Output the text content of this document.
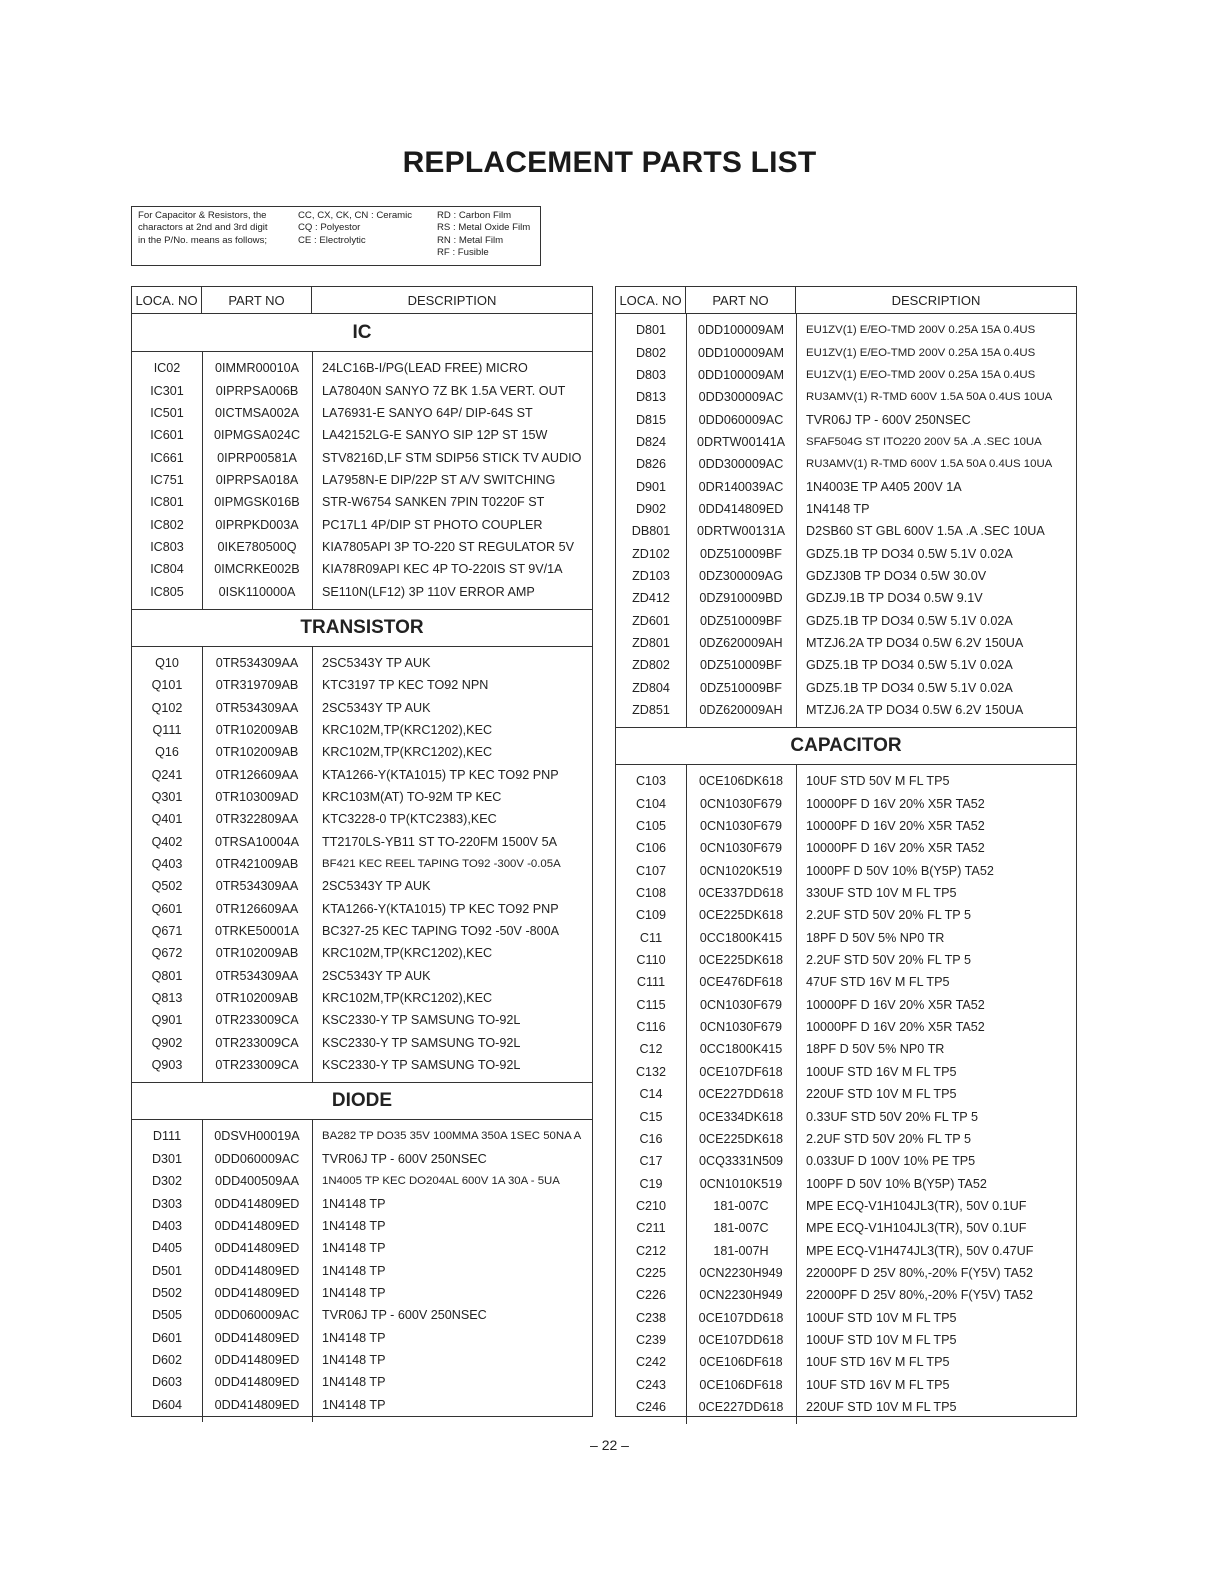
REPLACEMENT PARTS LIST
For Capacitor & Resistors, the
charactors at 2nd and 3rd digit
in the P/No. means as follows;
CC, CX, CK, CN : Ceramic
CQ : Polyestor
CE : Electrolytic
RD : Carbon Film
RS : Metal Oxide Film
RN : Metal Film
RF : Fusible
LOCA. NO	PART NO	DESCRIPTION
IC
IC02	0IMMR00010A	24LC16B-I/PG(LEAD FREE) MICRO
IC301	0IPRPSA006B	LA78040N SANYO 7Z BK 1.5A VERT. OUT
IC501	0ICTMSA002A	LA76931-E SANYO 64P/ DIP-64S ST
IC601	0IPMGSA024C	LA42152LG-E SANYO SIP 12P ST 15W
IC661	0IPRP00581A	STV8216D,LF STM SDIP56 STICK TV AUDIO
IC751	0IPRPSA018A	LA7958N-E DIP/22P ST A/V SWITCHING
IC801	0IPMGSK016B	STR-W6754 SANKEN 7PIN T0220F ST
IC802	0IPRPKD003A	PC17L1 4P/DIP ST PHOTO COUPLER
IC803	0IKE780500Q	KIA7805API 3P TO-220 ST REGULATOR 5V
IC804	0IMCRKE002B	KIA78R09API KEC 4P TO-220IS ST 9V/1A
IC805	0ISK110000A	SE110N(LF12) 3P 110V ERROR AMP
TRANSISTOR
Q10	0TR534309AA	2SC5343Y TP AUK
Q101	0TR319709AB	KTC3197 TP KEC TO92 NPN
Q102	0TR534309AA	2SC5343Y TP AUK
Q111	0TR102009AB	KRC102M,TP(KRC1202),KEC
Q16	0TR102009AB	KRC102M,TP(KRC1202),KEC
Q241	0TR126609AA	KTA1266-Y(KTA1015) TP KEC TO92 PNP
Q301	0TR103009AD	KRC103M(AT) TO-92M TP KEC
Q401	0TR322809AA	KTC3228-0 TP(KTC2383),KEC
Q402	0TRSA10004A	TT2170LS-YB11 ST TO-220FM 1500V 5A
Q403	0TR421009AB	BF421 KEC REEL TAPING TO92 -300V -0.05A
Q502	0TR534309AA	2SC5343Y TP AUK
Q601	0TR126609AA	KTA1266-Y(KTA1015) TP KEC TO92 PNP
Q671	0TRKE50001A	BC327-25 KEC TAPING TO92 -50V -800A
Q672	0TR102009AB	KRC102M,TP(KRC1202),KEC
Q801	0TR534309AA	2SC5343Y TP AUK
Q813	0TR102009AB	KRC102M,TP(KRC1202),KEC
Q901	0TR233009CA	KSC2330-Y TP SAMSUNG TO-92L
Q902	0TR233009CA	KSC2330-Y TP SAMSUNG TO-92L
Q903	0TR233009CA	KSC2330-Y TP SAMSUNG TO-92L
DIODE
D111	0DSVH00019A	BA282 TP DO35 35V 100MMA 350A 1SEC 50NA A
D301	0DD060009AC	TVR06J TP - 600V 250NSEC
D302	0DD400509AA	1N4005 TP KEC DO204AL 600V 1A 30A - 5UA
D303	0DD414809ED	1N4148 TP
D403	0DD414809ED	1N4148 TP
D405	0DD414809ED	1N4148 TP
D501	0DD414809ED	1N4148 TP
D502	0DD414809ED	1N4148 TP
D505	0DD060009AC	TVR06J TP - 600V 250NSEC
D601	0DD414809ED	1N4148 TP
D602	0DD414809ED	1N4148 TP
D603	0DD414809ED	1N4148 TP
D604	0DD414809ED	1N4148 TP
LOCA. NO	PART NO	DESCRIPTION
D801	0DD100009AM	EU1ZV(1) E/EO-TMD 200V 0.25A 15A 0.4US
D802	0DD100009AM	EU1ZV(1) E/EO-TMD 200V 0.25A 15A 0.4US
D803	0DD100009AM	EU1ZV(1) E/EO-TMD 200V 0.25A 15A 0.4US
D813	0DD300009AC	RU3AMV(1) R-TMD 600V 1.5A 50A 0.4US 10UA
D815	0DD060009AC	TVR06J TP - 600V 250NSEC
D824	0DRTW00141A	SFAF504G ST ITO220 200V 5A .A .SEC 10UA
D826	0DD300009AC	RU3AMV(1) R-TMD 600V 1.5A 50A 0.4US 10UA
D901	0DR140039AC	1N4003E TP A405 200V 1A
D902	0DD414809ED	1N4148 TP
DB801	0DRTW00131A	D2SB60 ST GBL 600V 1.5A .A .SEC 10UA
ZD102	0DZ510009BF	GDZ5.1B TP DO34 0.5W 5.1V 0.02A
ZD103	0DZ300009AG	GDZJ30B TP DO34 0.5W 30.0V
ZD412	0DZ910009BD	GDZJ9.1B TP DO34 0.5W 9.1V
ZD601	0DZ510009BF	GDZ5.1B TP DO34 0.5W 5.1V 0.02A
ZD801	0DZ620009AH	MTZJ6.2A TP DO34 0.5W 6.2V 150UA
ZD802	0DZ510009BF	GDZ5.1B TP DO34 0.5W 5.1V 0.02A
ZD804	0DZ510009BF	GDZ5.1B TP DO34 0.5W 5.1V 0.02A
ZD851	0DZ620009AH	MTZJ6.2A TP DO34 0.5W 6.2V 150UA
CAPACITOR
C103	0CE106DK618	10UF STD 50V M FL TP5
C104	0CN1030F679	10000PF D 16V 20% X5R TA52
C105	0CN1030F679	10000PF D 16V 20% X5R TA52
C106	0CN1030F679	10000PF D 16V 20% X5R TA52
C107	0CN1020K519	1000PF D 50V 10% B(Y5P) TA52
C108	0CE337DD618	330UF STD 10V M FL TP5
C109	0CE225DK618	2.2UF STD 50V 20% FL TP 5
C11	0CC1800K415	18PF D 50V 5% NP0 TR
C110	0CE225DK618	2.2UF STD 50V 20% FL TP 5
C111	0CE476DF618	47UF STD 16V M FL TP5
C115	0CN1030F679	10000PF D 16V 20% X5R TA52
C116	0CN1030F679	10000PF D 16V 20% X5R TA52
C12	0CC1800K415	18PF D 50V 5% NP0 TR
C132	0CE107DF618	100UF STD 16V M FL TP5
C14	0CE227DD618	220UF STD 10V M FL TP5
C15	0CE334DK618	0.33UF STD 50V 20% FL TP 5
C16	0CE225DK618	2.2UF STD 50V 20% FL TP 5
C17	0CQ3331N509	0.033UF D 100V 10% PE TP5
C19	0CN1010K519	100PF D 50V 10% B(Y5P) TA52
C210	181-007C	MPE ECQ-V1H104JL3(TR), 50V 0.1UF
C211	181-007C	MPE ECQ-V1H104JL3(TR), 50V 0.1UF
C212	181-007H	MPE ECQ-V1H474JL3(TR), 50V 0.47UF
C225	0CN2230H949	22000PF D 25V 80%,-20% F(Y5V) TA52
C226	0CN2230H949	22000PF D 25V 80%,-20% F(Y5V) TA52
C238	0CE107DD618	100UF STD 10V M FL TP5
C239	0CE107DD618	100UF STD 10V M FL TP5
C242	0CE106DF618	10UF STD 16V M FL TP5
C243	0CE106DF618	10UF STD 16V M FL TP5
C246	0CE227DD618	220UF STD 10V M FL TP5
– 22 –
